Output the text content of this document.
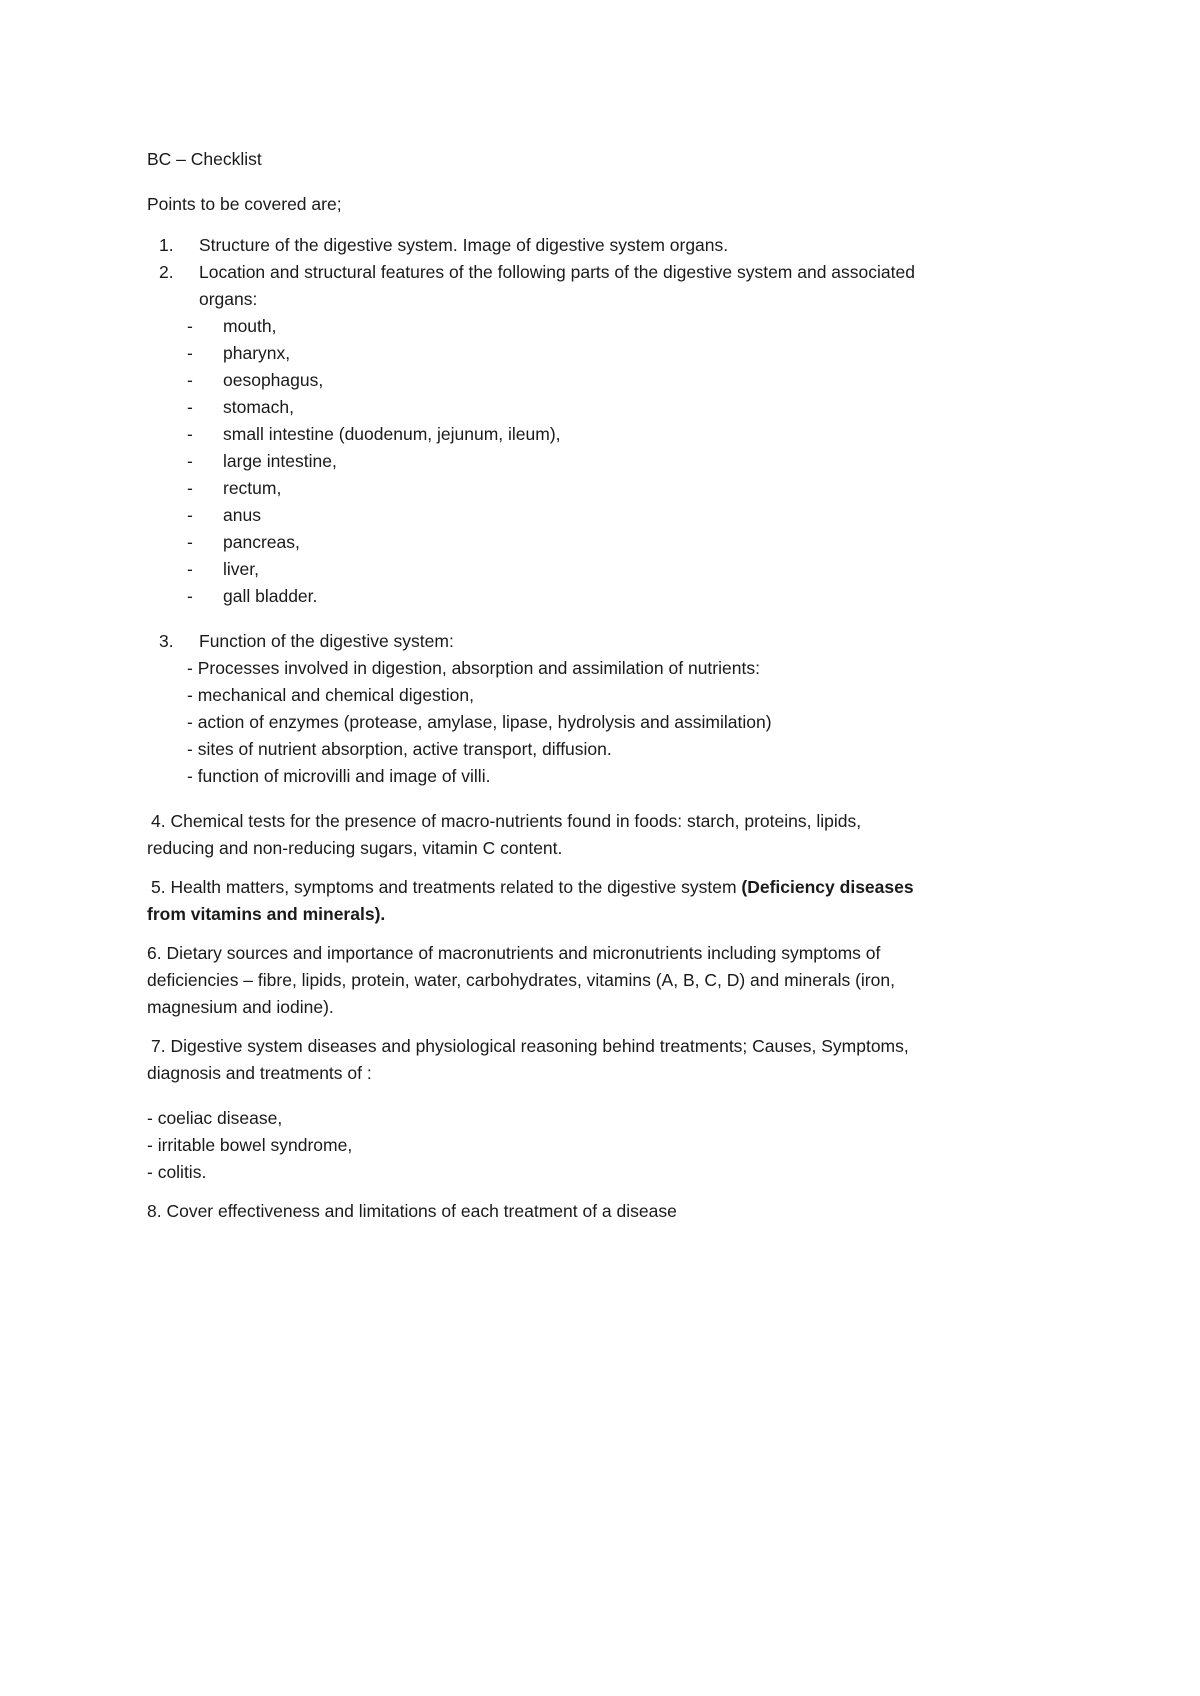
BC – Checklist
Points to be covered are;
1. Structure of the digestive system. Image of digestive system organs.
2. Location and structural features of the following parts of the digestive system and associated
organs:
- mouth,
- pharynx,
- oesophagus,
- stomach,
- small intestine (duodenum, jejunum, ileum),
- large intestine,
- rectum,
- anus
- pancreas,
- liver,
- gall bladder.
3. Function of the digestive system:
- Processes involved in digestion, absorption and assimilation of nutrients:
- mechanical and chemical digestion,
- action of enzymes (protease, amylase, lipase, hydrolysis and assimilation)
- sites of nutrient absorption, active transport, diffusion.
- function of microvilli and image of villi.
4. Chemical tests for the presence of macro-nutrients found in foods: starch, proteins, lipids,
reducing and non-reducing sugars, vitamin C content.
5. Health matters, symptoms and treatments related to the digestive system (Deficiency diseases
from vitamins and minerals).
6. Dietary sources and importance of macronutrients and micronutrients including symptoms of
deficiencies – fibre, lipids, protein, water, carbohydrates, vitamins (A, B, C, D) and minerals (iron,
magnesium and iodine).
7. Digestive system diseases and physiological reasoning behind treatments; Causes, Symptoms,
diagnosis and treatments of :
- coeliac disease,
- irritable bowel syndrome,
- colitis.
8. Cover effectiveness and limitations of each treatment of a disease
